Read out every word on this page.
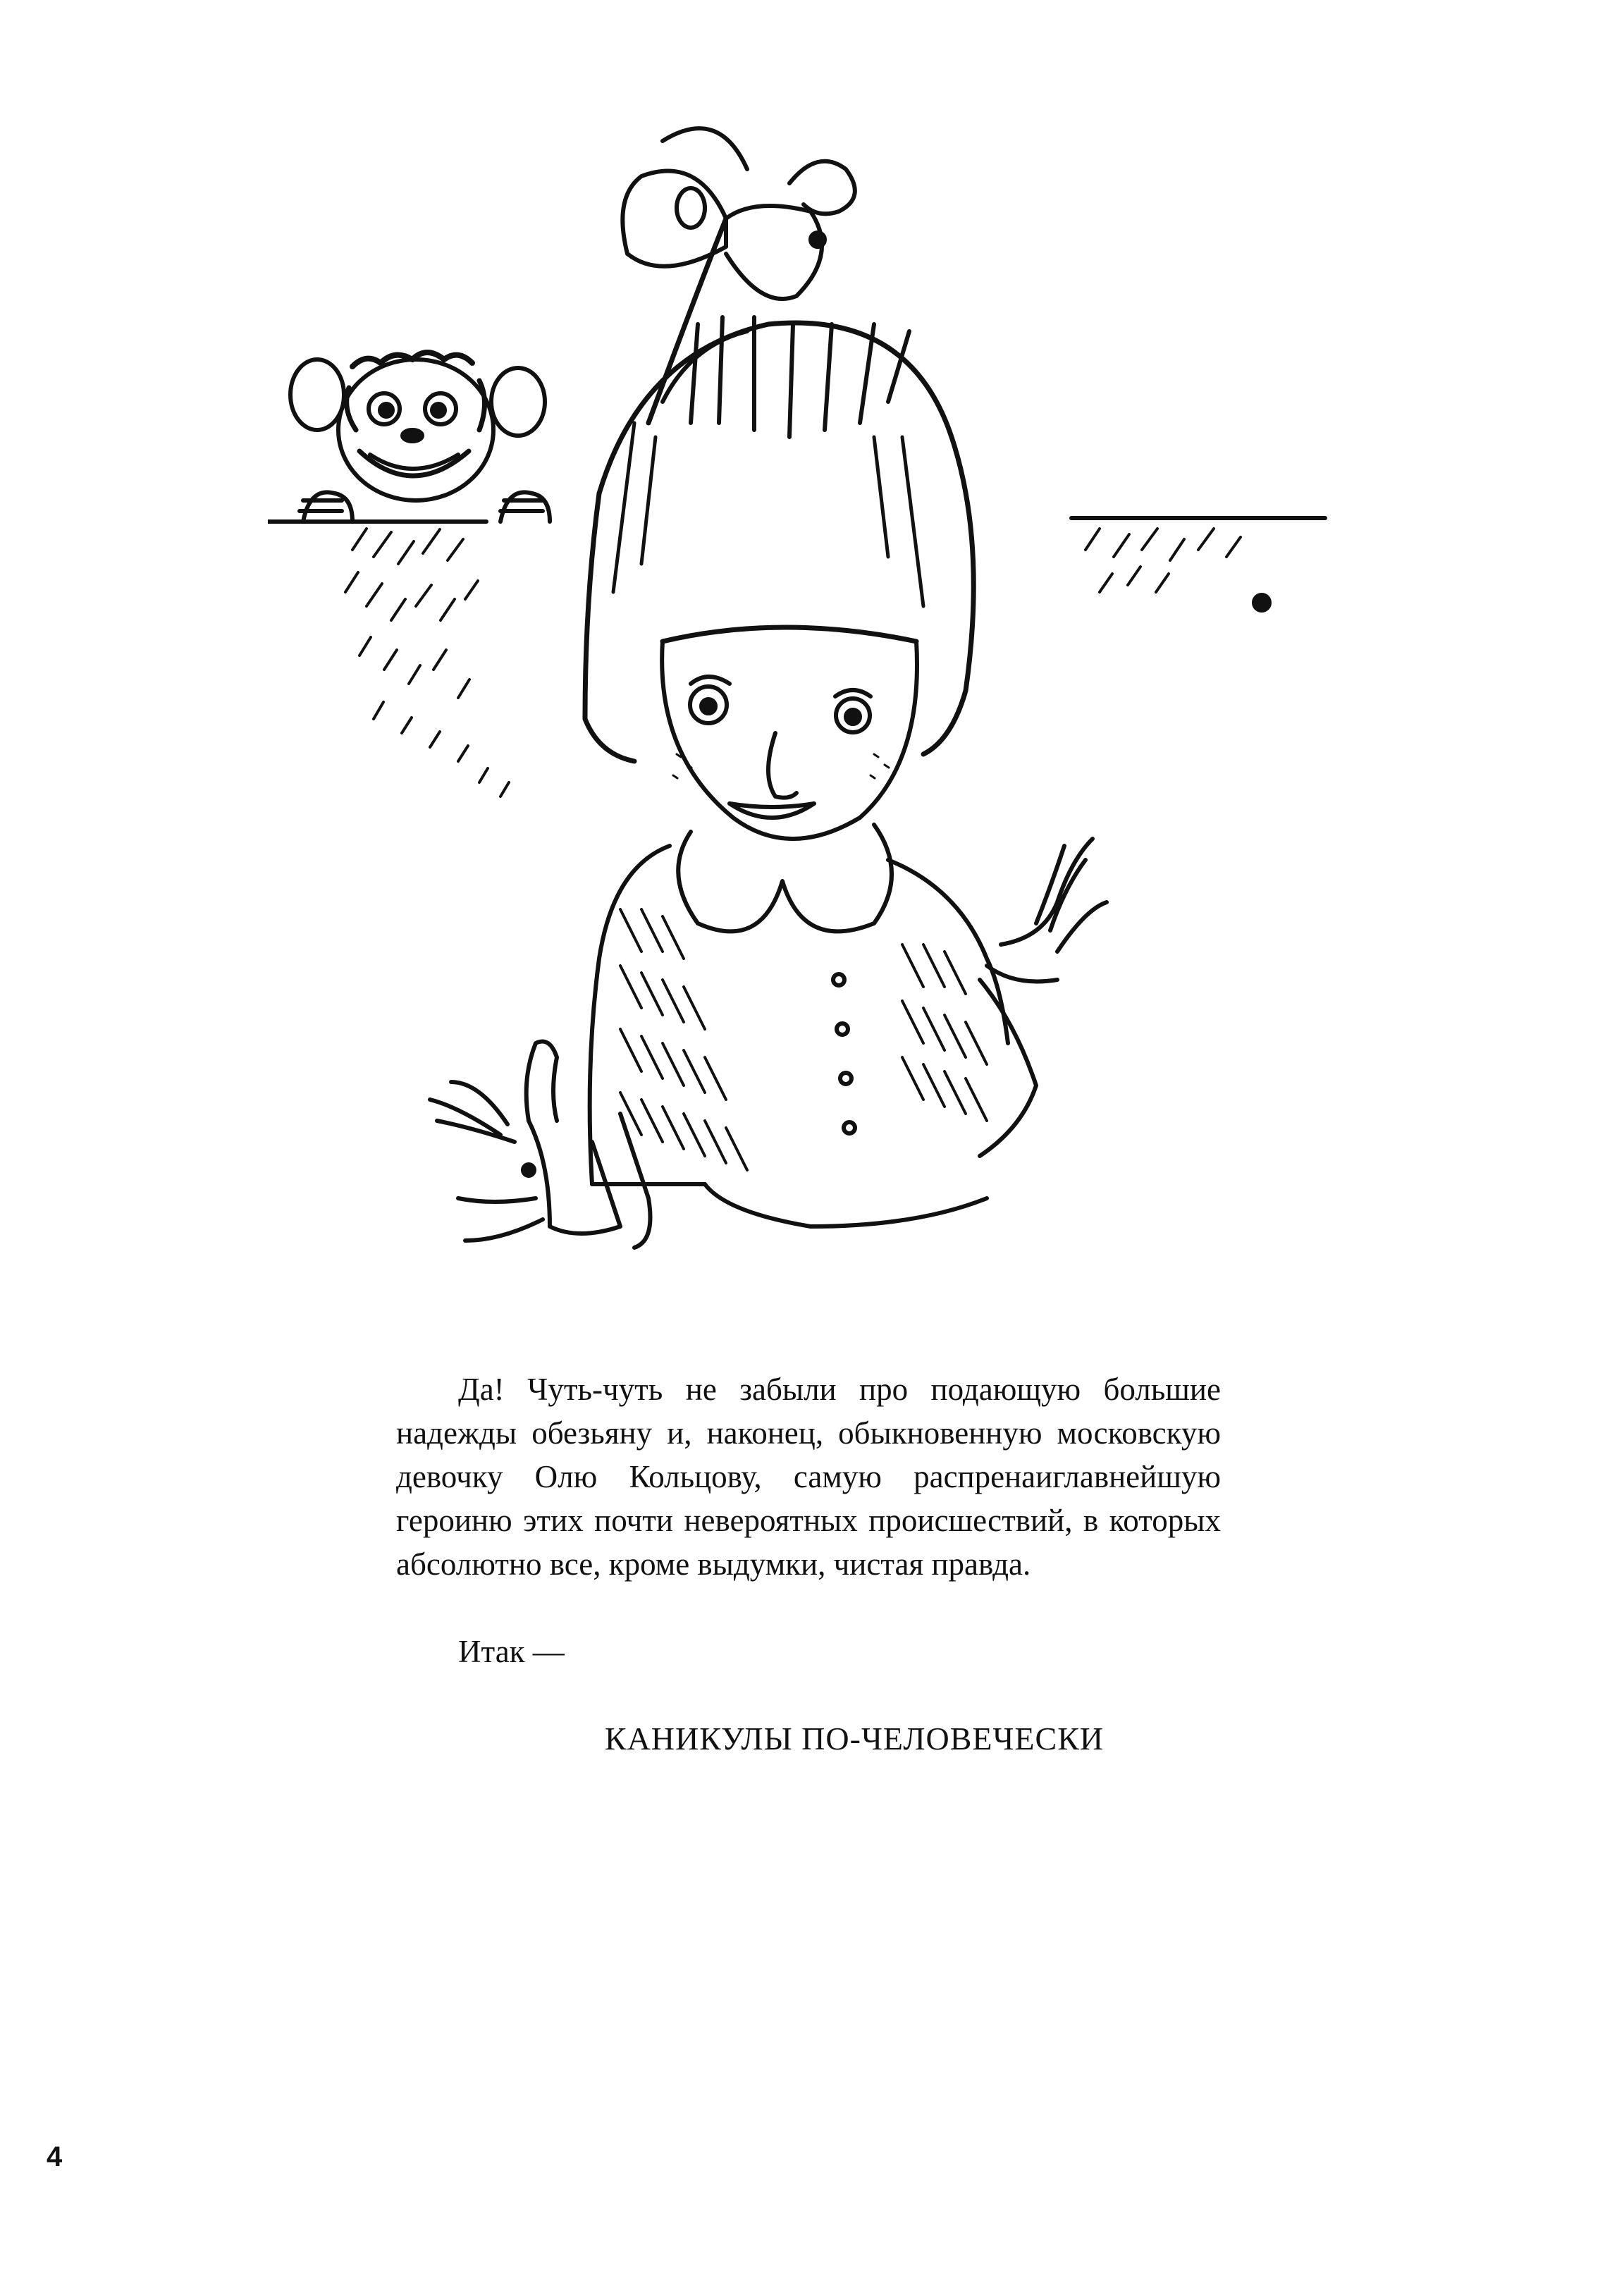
Да! Чуть-чуть не забыли про подающую большие надежды обезьяну и, наконец, обыкновенную московскую девочку Олю Кольцову, самую распренаиглавнейшую героиню этих почти невероятных происшествий, в которых абсолютно все, кроме выдумки, чистая правда.

Итак —
КАНИКУЛЫ ПО-ЧЕЛОВЕЧЕСКИ
4
